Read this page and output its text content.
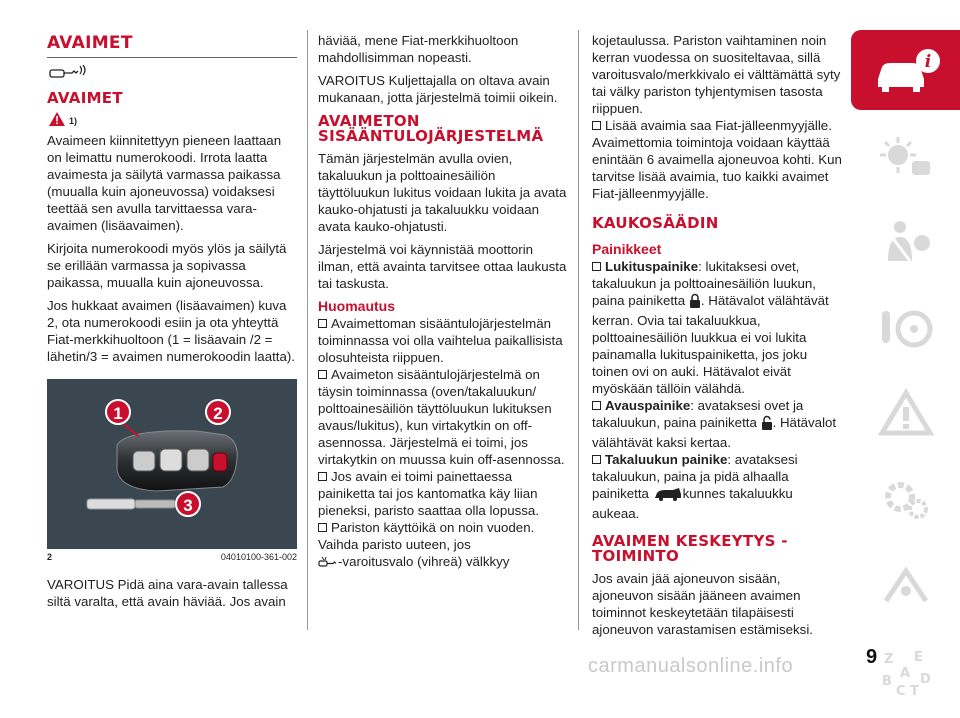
AVAIMET
AVAIMET
1)

Avaimeen kiinnitettyyn pieneen laattaan on leimattu numerokoodi. Irrota laatta avaimesta ja säilytä varmassa paikassa (muualla kuin ajoneuvossa) voidaksesi teettää sen avulla tarvittaessa vara-avaimen (lisäavaimen).

Kirjoita numerokoodi myös ylös ja säilytä se erillään varmassa ja sopivassa paikassa, muualla kuin ajoneuvossa.

Jos hukkaat avaimen (lisäavaimen) kuva 2, ota numerokoodi esiin ja ota yhteyttä Fiat-merkkihuoltoon (1 = lisäavain /2 = lähetin/3 = avaimen numerokoodin laatta).

1	2
3
2	04010100-361-002

VAROITUS Pidä aina vara-avain tallessa siltä varalta, että avain häviää. Jos avain

häviää, mene Fiat-merkkihuoltoon mahdollisimman nopeasti.

VAROITUS Kuljettajalla on oltava avain mukanaan, jotta järjestelmä toimii oikein.

AVAIMETON SISÄÄNTULOJÄRJESTELMÄ

Tämän järjestelmän avulla ovien, takaluukun ja polttoainesäiliön täyttöluukun lukitus voidaan lukita ja avata kauko-ohjatusti ja takaluukku voidaan avata kauko-ohjatusti.

Järjestelmä voi käynnistää moottorin ilman, että avainta tarvitsee ottaa laukusta tai taskusta.

Huomautus
Avaimettoman sisääntulojärjestelmän toiminnassa voi olla vaihtelua paikallisista olosuhteista riippuen.
Avaimeton sisääntulojärjestelmä on täysin toiminnassa (oven/takaluukun/ polttoainesäiliön täyttöluukun lukituksen avaus/lukitus), kun virtakytkin on off-asennossa. Järjestelmä ei toimi, jos virtakytkin on muussa kuin off-asennossa.
Jos avain ei toimi painettaessa painiketta tai jos kantomatka käy liian pieneksi, paristo saattaa olla lopussa.
Pariston käyttöikä on noin vuoden. Vaihda paristo uuteen, jos
-varoitusvalo (vihreä) välkkyy

kojetaulussa. Pariston vaihtaminen noin kerran vuodessa on suositeltavaa, sillä varoitusvalo/merkkivalo ei välttämättä syty tai välky pariston tyhjentymisen tasosta riippuen.

Lisää avaimia saa Fiat-jälleenmyyjälle.

Avaimettomia toimintoja voidaan käyttää enintään 6 avaimella ajoneuvoa kohti. Kun tarvitse lisää avaimia, tuo kaikki avaimet Fiat-jälleenmyyjälle.

KAUKOSÄÄDIN
Painikkeet
Lukituspainike: lukitaksesi ovet, takaluukun ja polttoainesäiliön luukun, paina painiketta . Hätävalot välähtävät kerran. Ovia tai takaluukkua, polttoainesäiliön luukkua ei voi lukita painamalla lukituspainiketta, jos joku toinen ovi on auki. Hätävalot eivät myöskään tällöin välähdä.
Avauspainike: avataksesi ovet ja takaluukun, paina painiketta . Hätävalot välähtävät kaksi kertaa.
Takaluukun painike: avataksesi takaluukun, paina ja pidä alhaalla painiketta	kunnes takaluukku aukeaa.
AVAIMEN KESKEYTYS -TOIMINTO

Jos avain jää ajoneuvon sisään, ajoneuvon sisään jääneen avaimen toiminnot keskeytetään tilapäisesti ajoneuvon varastamisen estämiseksi.

i
Z E
A
B D
C T
9
carmanualsonline.info
